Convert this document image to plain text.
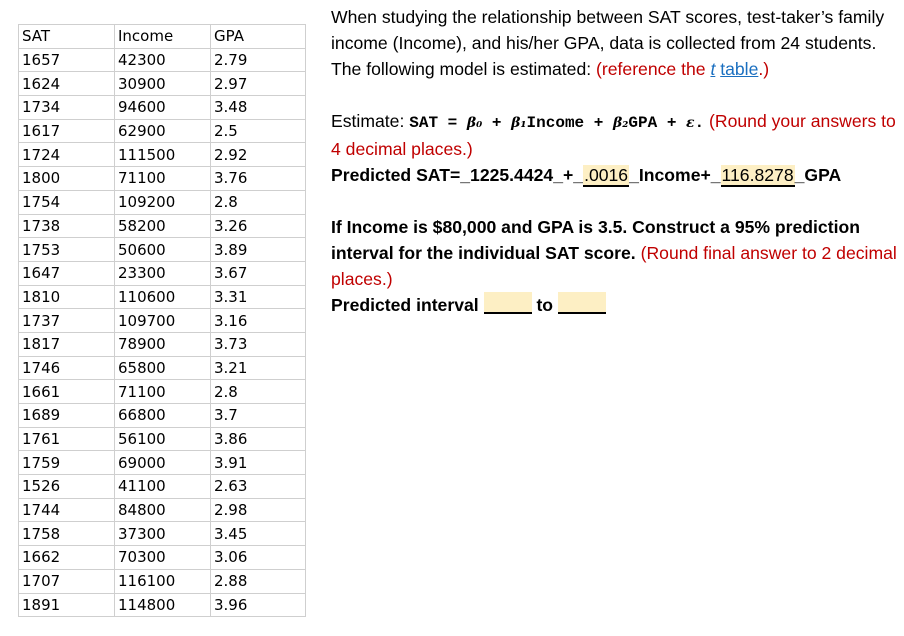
SAT	Income	GPA
1657	42300	2.79
1624	30900	2.97
1734	94600	3.48
1617	62900	2.5
1724	111500	2.92
1800	71100	3.76
1754	109200	2.8
1738	58200	3.26
1753	50600	3.89
1647	23300	3.67
1810	110600	3.31
1737	109700	3.16
1817	78900	3.73
1746	65800	3.21
1661	71100	2.8
1689	66800	3.7
1761	56100	3.86
1759	69000	3.91
1526	41100	2.63
1744	84800	2.98
1758	37300	3.45
1662	70300	3.06
1707	116100	2.88
1891	114800	3.96
When studying the relationship between SAT scores, test-taker’s family income (Income), and his/her GPA, data is collected from 24 students. The following model is estimated: (reference the t table.)
Estimate: SAT = β₀ + β₁Income + β₂GPA + ε. (Round your answers to 4 decimal places.)
Predicted SAT=_1225.4424_+_.0016_Income+_116.8278_GPA
If Income is $80,000 and GPA is 3.5. Construct a 95% prediction interval for the individual SAT score. (Round final answer to 2 decimal places.)
Predicted interval	to
